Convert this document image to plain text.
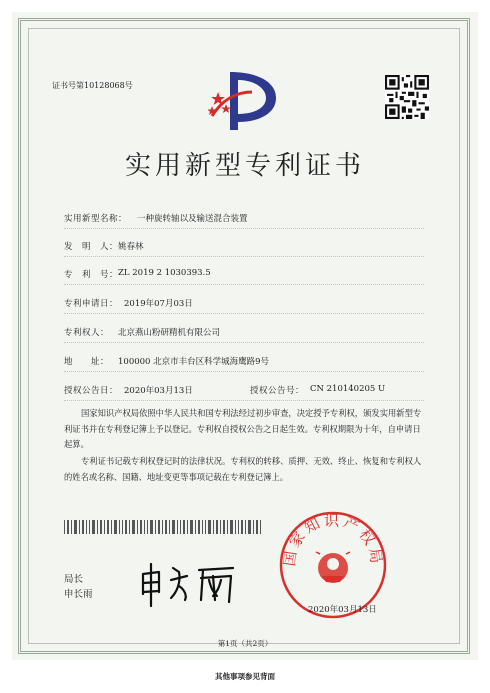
证书号第10128068号
实用新型专利证书
实用新型名称： 一种旋转轴以及输送混合装置
发　明　人： 姚春林
专　利　号： ZL 2019 2 1030393.5
专利申请日： 2019年07月03日
专利权人： 北京燕山粉研精机有限公司
地　　址： 100000 北京市丰台区科学城海鹰路9号
授权公告日： 2020年03月13日	授权公告号： CN 210140205 U
国家知识产权局依照中华人民共和国专利法经过初步审查，决定授予专利权，颁发实用新型专利证书并在专利登记簿上予以登记。专利权自授权公告之日起生效。专利权期限为十年，自申请日起算。
专利证书记载专利权登记时的法律状况。专利权的转移、质押、无效、终止、恢复和专利权人的姓名或名称、国籍、地址变更等事项记载在专利登记簿上。
局长
申长雨
国家知识产权局
2020年03月13日
第1页（共2页）
其他事项参见背面
